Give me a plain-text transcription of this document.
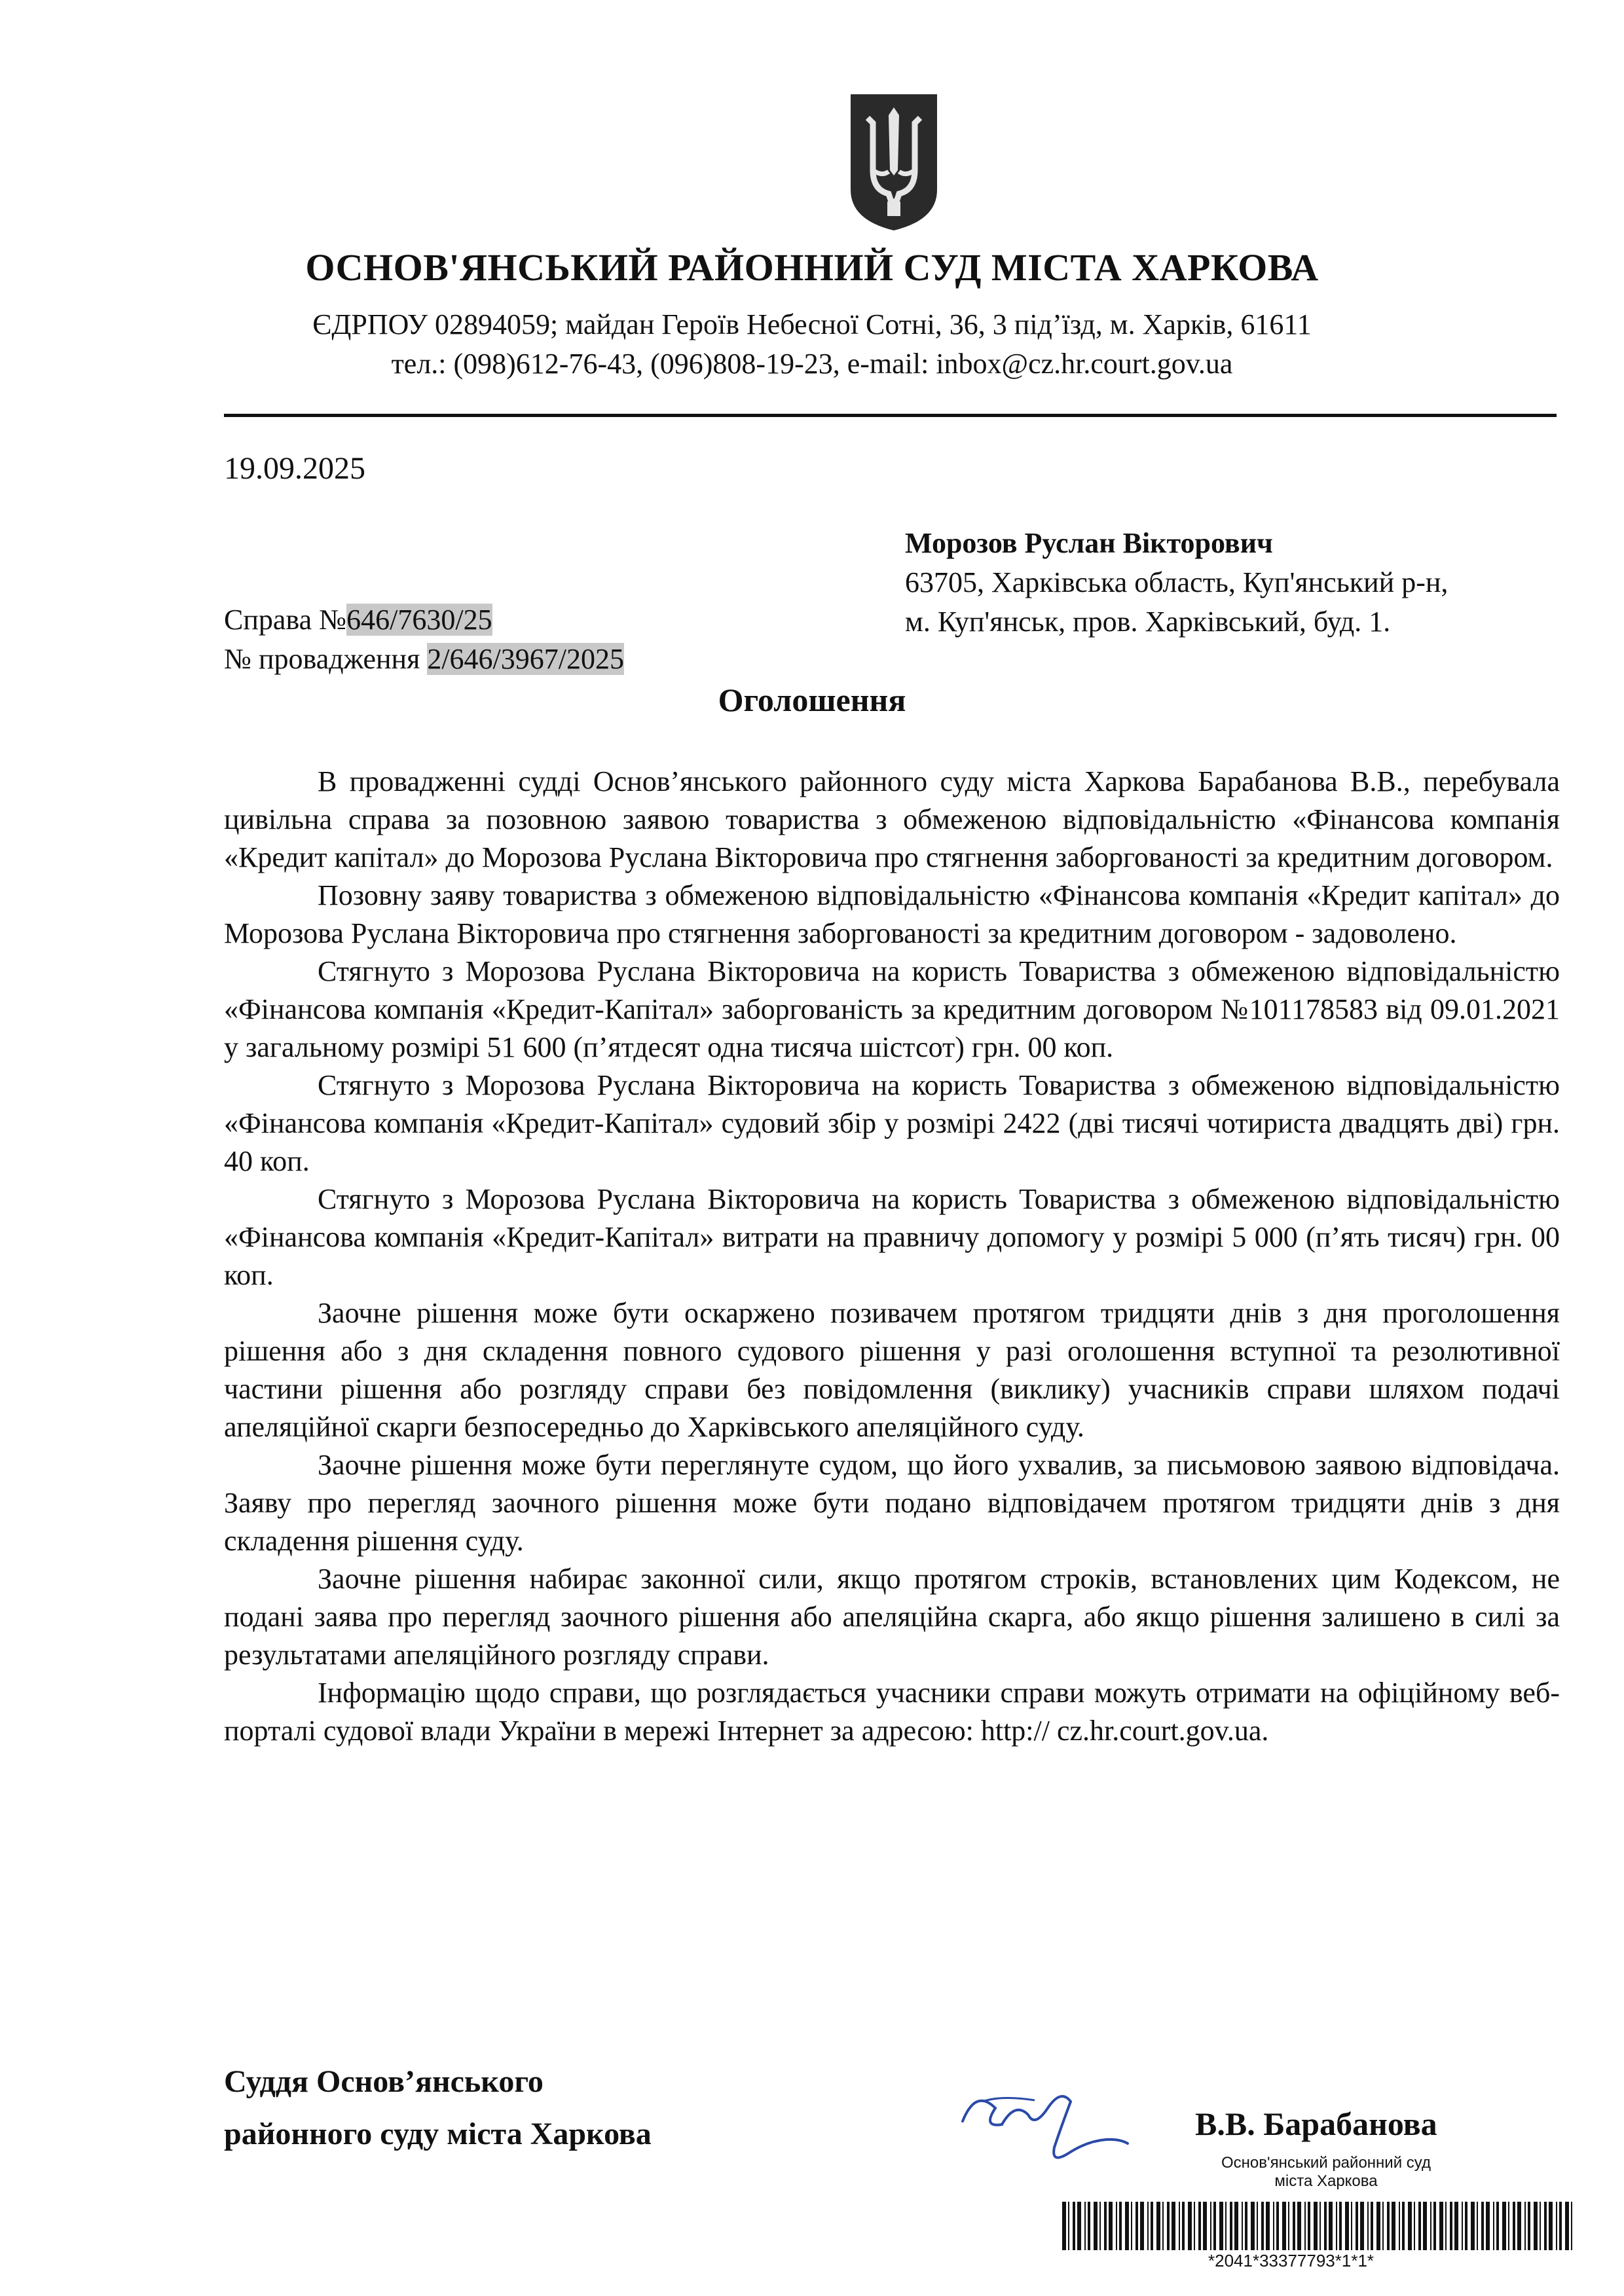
ОСНОВ'ЯНСЬКИЙ РАЙОННИЙ СУД МІСТА ХАРКОВА
ЄДРПОУ 02894059; майдан Героїв Небесної Сотні, 36, 3 під’їзд, м. Харків, 61611
тел.: (098)612-76-43, (096)808-19-23, e-mail: inbox@cz.hr.court.gov.ua
19.09.2025
Морозов Руслан Вікторович
63705, Харківська область, Куп'янський р-н,
м. Куп'янськ, пров. Харківський, буд. 1.
Справа №646/7630/25
№ провадження 2/646/3967/2025
Оголошення

В провадженні судді Основ’янського районного суду міста Харкова Барабанова В.В., перебувала цивільна справа за позовною заявою товариства з обмеженою відповідальністю «Фінансова компанія «Кредит капітал» до Морозова Руслана Вікторовича про стягнення заборгованості за кредитним договором.

Позовну заяву товариства з обмеженою відповідальністю «Фінансова компанія «Кредит капітал» до Морозова Руслана Вікторовича про стягнення заборгованості за кредитним договором - задоволено.

Стягнуто з Морозова Руслана Вікторовича на користь Товариства з обмеженою відповідальністю «Фінансова компанія «Кредит-Капітал» заборгованість за кредитним договором №101178583 від 09.01.2021 у загальному розмірі 51 600 (п’ятдесят одна тисяча шістсот) грн. 00 коп.

Стягнуто з Морозова Руслана Вікторовича на користь Товариства з обмеженою відповідальністю «Фінансова компанія «Кредит-Капітал» судовий збір у розмірі 2422 (дві тисячі чотириста двадцять дві) грн. 40 коп.

Стягнуто з Морозова Руслана Вікторовича на користь Товариства з обмеженою відповідальністю «Фінансова компанія «Кредит-Капітал» витрати на правничу допомогу у розмірі 5 000 (п’ять тисяч) грн. 00 коп.

Заочне рішення може бути оскаржено позивачем протягом тридцяти днів з дня проголошення рішення або з дня складення повного судового рішення у разі оголошення вступної та резолютивної частини рішення або розгляду справи без повідомлення (виклику) учасників справи шляхом подачі апеляційної скарги безпосередньо до Харківського апеляційного суду.

Заочне рішення може бути переглянуте судом, що його ухвалив, за письмовою заявою відповідача. Заяву про перегляд заочного рішення може бути подано відповідачем протягом тридцяти днів з дня складення рішення суду.

Заочне рішення набирає законної сили, якщо протягом строків, встановлених цим Кодексом, не подані заява про перегляд заочного рішення або апеляційна скарга, або якщо рішення залишено в силі за результатами апеляційного розгляду справи.

Інформацію щодо справи, що розглядається учасники справи можуть отримати на офіційному веб-порталі судової влади України в мережі Інтернет за адресою: http:// cz.hr.court.gov.ua.

Суддя Основ’янського
районного суду міста Харкова	В.В. Барабанова
Основ'янський районний суд
міста Харкова
*2041*33377793*1*1*
